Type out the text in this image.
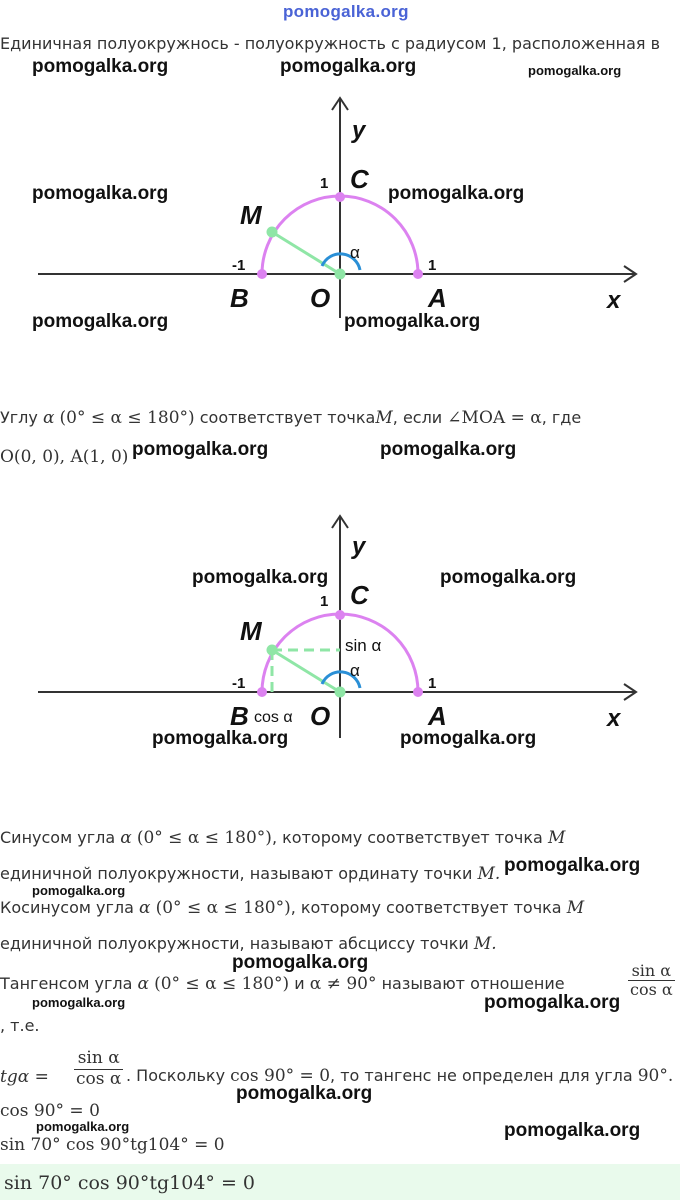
pomogalka.org
Единичная полуокружнось - полуокружность с радиусом 1, расположенная в
pomogalka.org	pomogalka.org	pomogalka.org
y
x
C
1
M
α
-1	1
B O	A
pomogalka.org	pomogalka.org
pomogalka.org	pomogalka.org
Углу α (0° ≤ α ≤ 180°) соответствует точкаM, если ∠MOA = α, где
O(0, 0), A(1, 0) pomogalka.org	pomogalka.org
y
x
C
1
M	sin α
α
-1	1
B cos α O	A
pomogalka.org	pomogalka.org
pomogalka.org	pomogalka.org
Синусом угла α (0° ≤ α ≤ 180°), которому соответствует точка M
единичной полуокружности, называют ординату точки M. pomogalka.org
pomogalka.org
Косинусом угла α (0° ≤ α ≤ 180°), которому соответствует точка M
единичной полуокружности, называют абсциссу точки M.
pomogalka.org
Тангенсом угла α (0° ≤ α ≤ 180°) и α ≠ 90° называют отношение	$\frac{\text{sin α}}{\text{cos α}}$
pomogalka.org	pomogalka.org
, т.е.
$tg\alpha = \frac{\text{sin α}}{\text{cos α}}$ . Поскольку cos 90° = 0, то тангенс не определен для угла 90°.
cos 90° = 0
pomogalka.org
pomogalka.org
sin 70° cos 90°tg104° = 0
pomogalka.org
sin 70° cos 90°tg104° = 0
